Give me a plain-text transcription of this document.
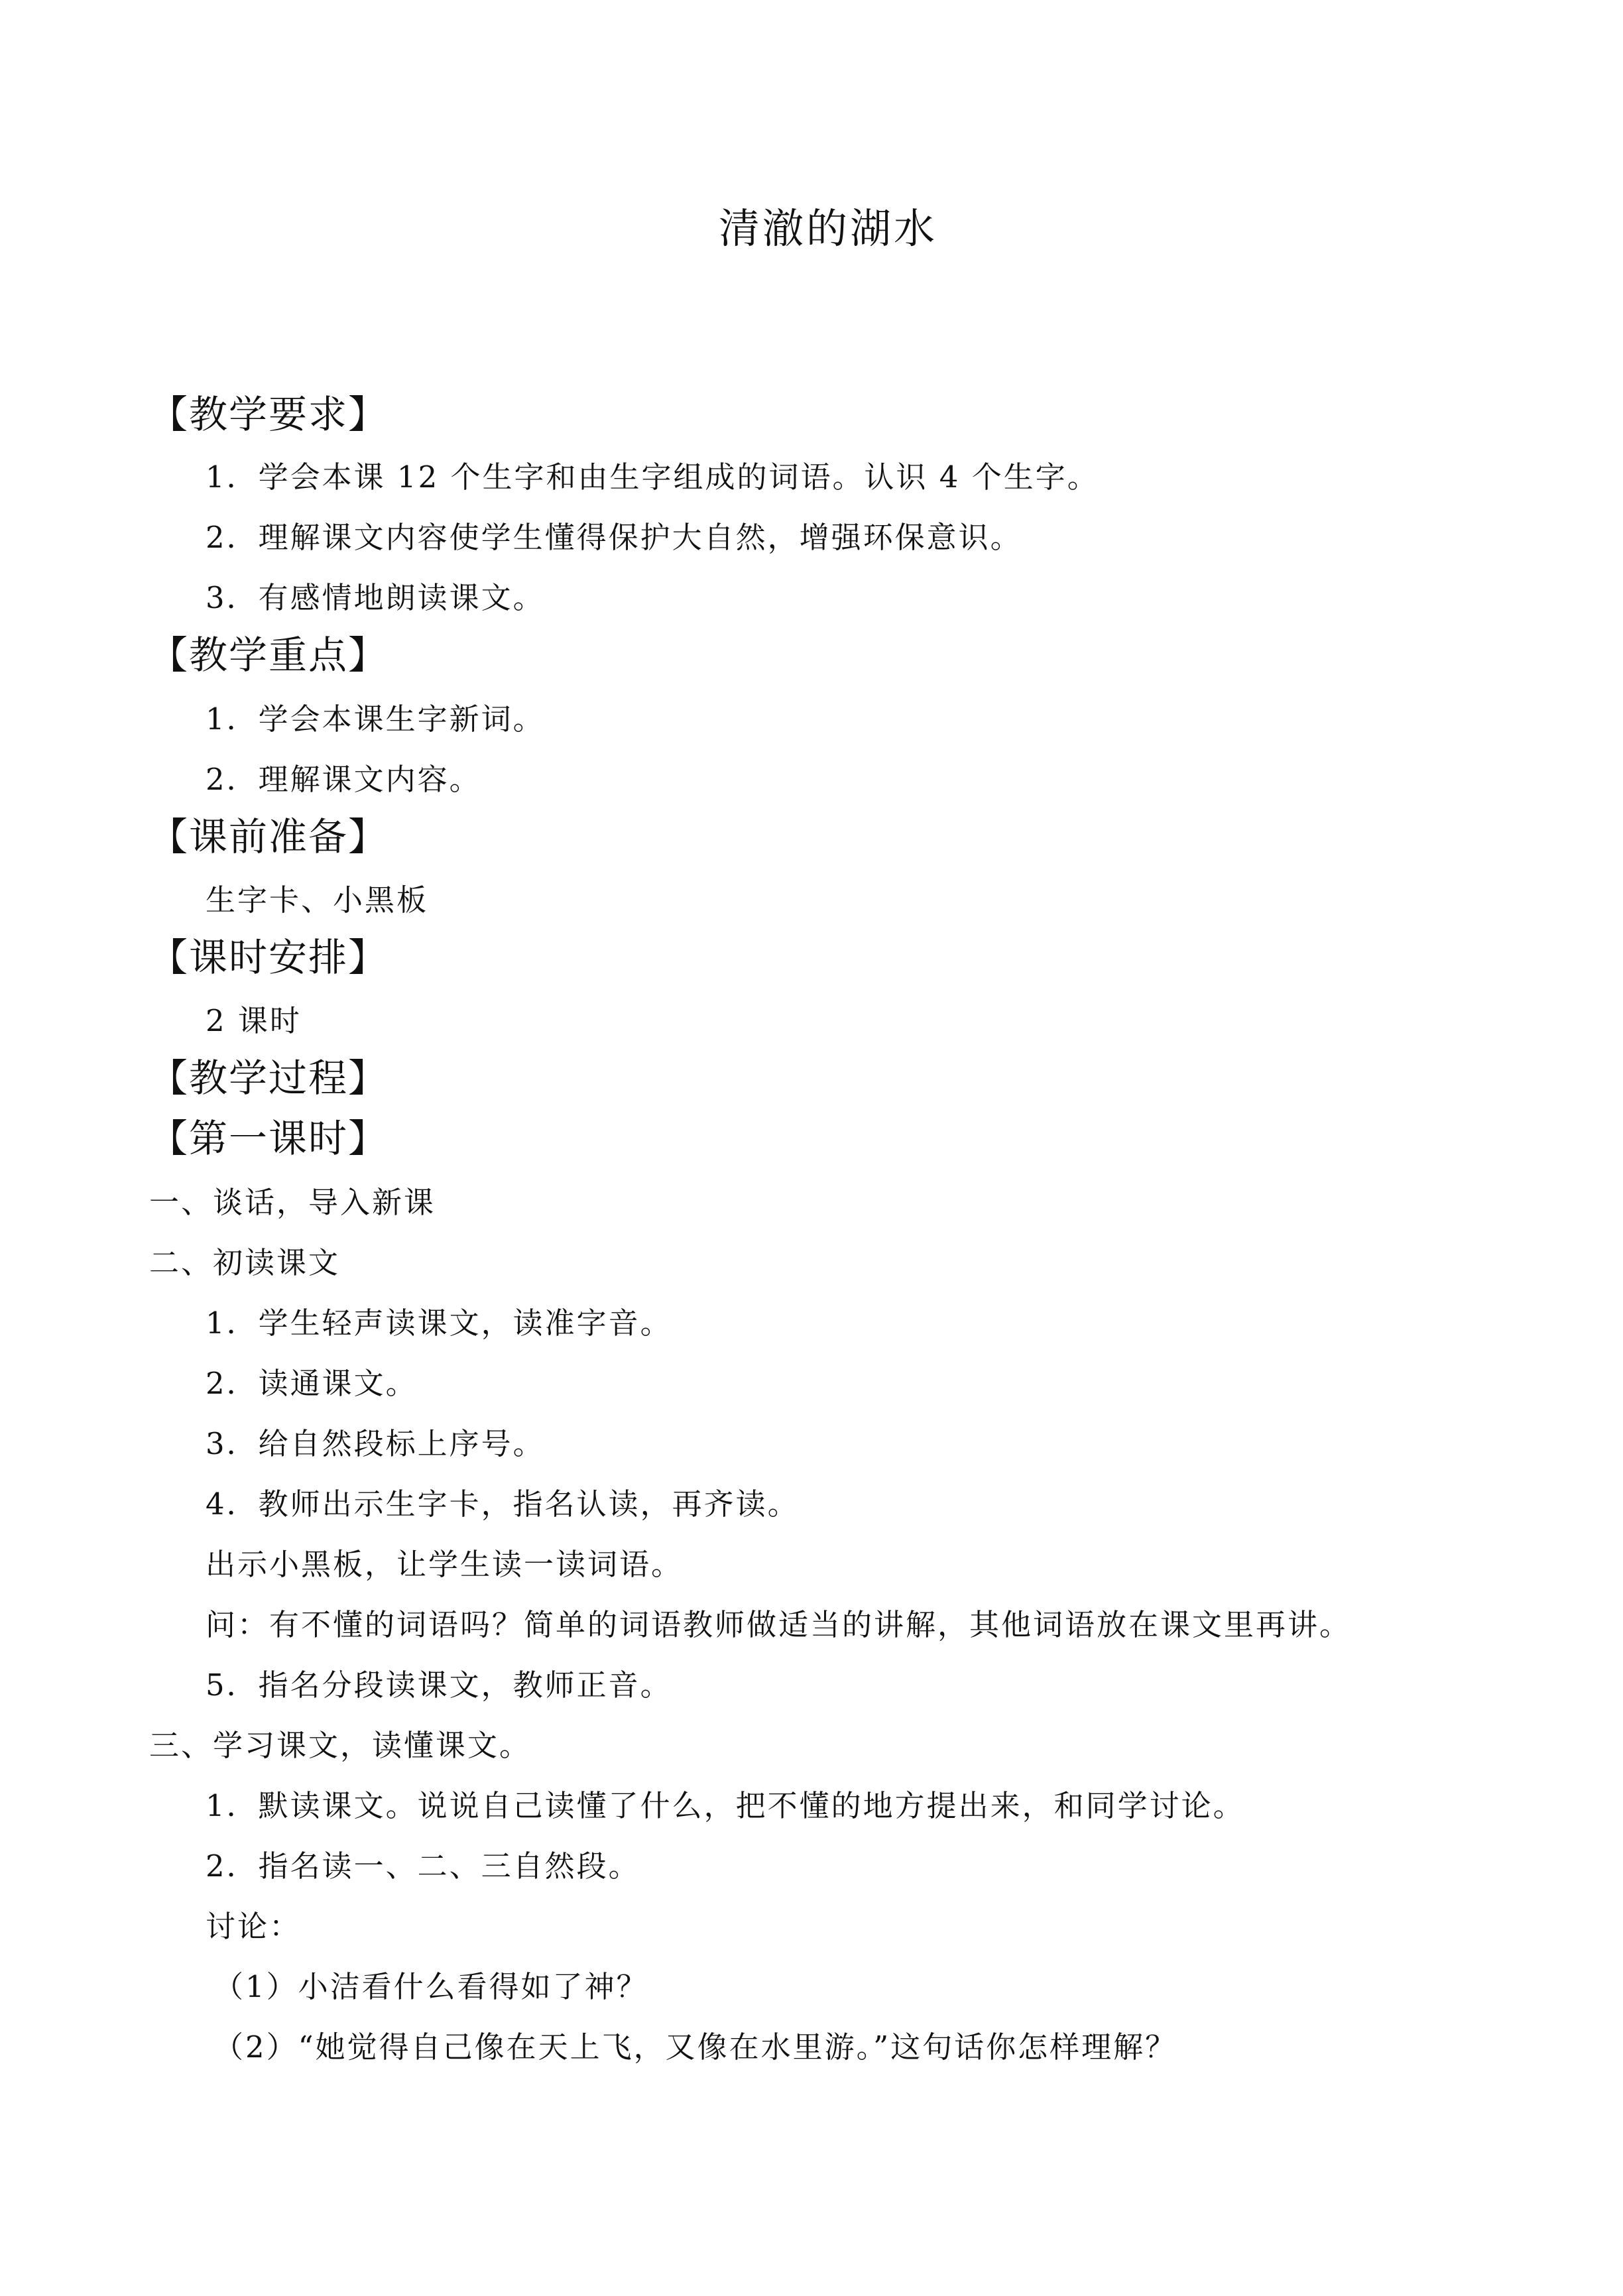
清澈的湖水
【教学要求】
1．学会本课 12 个生字和由生字组成的词语。认识 4 个生字。
2．理解课文内容使学生懂得保护大自然，增强环保意识。
3．有感情地朗读课文。
【教学重点】
1．学会本课生字新词。
2．理解课文内容。
【课前准备】
生字卡、小黑板
【课时安排】
2 课时
【教学过程】
【第一课时】
一、谈话，导入新课
二、初读课文
1．学生轻声读课文，读准字音。
2．读通课文。
3．给自然段标上序号。
4．教师出示生字卡，指名认读，再齐读。
出示小黑板，让学生读一读词语。
问：有不懂的词语吗？简单的词语教师做适当的讲解，其他词语放在课文里再讲。
5．指名分段读课文，教师正音。
三、学习课文，读懂课文。
1．默读课文。说说自己读懂了什么，把不懂的地方提出来，和同学讨论。
2．指名读一、二、三自然段。
讨论：
（1）小洁看什么看得如了神？
（2）“她觉得自己像在天上飞，又像在水里游。”这句话你怎样理解？
